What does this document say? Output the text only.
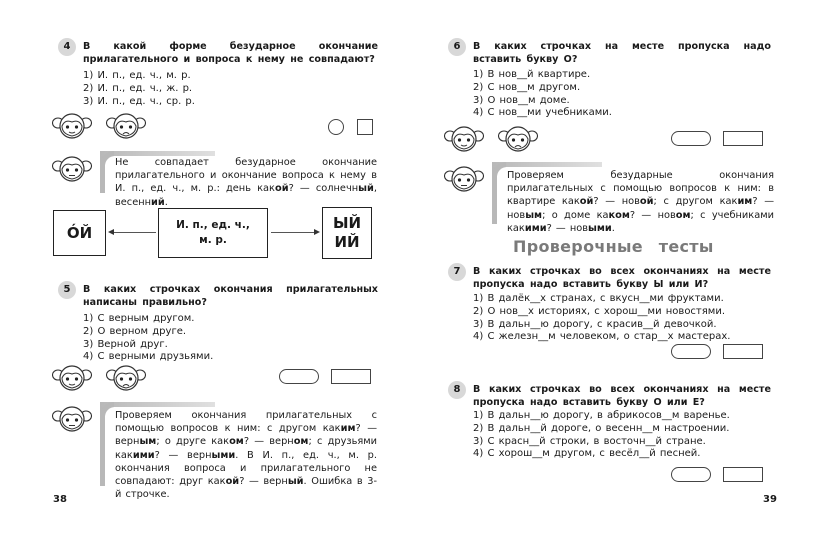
4	В какой форме безударное окончание прилагательного и вопроса к нему не совпадают?
1) И. п., ед. ч., м. р.
2) И. п., ед. ч., ж. р.
3) И. п., ед. ч., ср. р.
Не совпадает безударное окончание прилагательного и окончание вопроса к нему в И. п., ед. ч., м. р.: день какой? — солнечный, весенний.
ÓЙ	И. п., ед. ч.,
м. р.
ЫЙ
ИЙ
5	В каких строчках окончания прилагательных написаны правильно?
1) С верным другом.
2) О верном друге.
3) Верной друг.
4) С верными друзьями.
Проверяем окончания прилагательных с помощью вопросов к ним: с другом каким? — верным; о друге каком? — верном; с друзьями какими? — верными. В И. п., ед. ч., м. р. окончания вопроса и прилагательного не совпадают: друг какой? — верный. Ошибка в 3-й строчке.
38
6	В каких строчках на месте пропуска надо вставить букву О?
1) В нов__й квартире.
2) С нов__м другом.
3) О нов__м доме.
4) С нов__ми учебниками.
Проверяем безударные окончания прилагательных с помощью вопросов к ним: в квартире какой? — новой; с другом каким? — новым; о доме каком? — новом; с учебниками какими? — новыми.
Проверочные тесты
7	В каких строчках во всех окончаниях на месте пропуска надо вставить букву Ы или И?
1) В далёк__х странах, с вкусн__ми фруктами.
2) О нов__х историях, с хорош__ми новостями.
3) В дальн__ю дорогу, с красив__й девочкой.
4) С железн__м человеком, о стар__х мастерах.
8	В каких строчках во всех окончаниях на месте пропуска надо вставить букву О или Е?
1) В дальн__ю дорогу, в абрикосов__м варенье.
2) В дальн__й дороге, о весенн__м настроении.
3) С красн__й строки, в восточн__й стране.
4) С хорош__м другом, с весёл__й песней.
39
